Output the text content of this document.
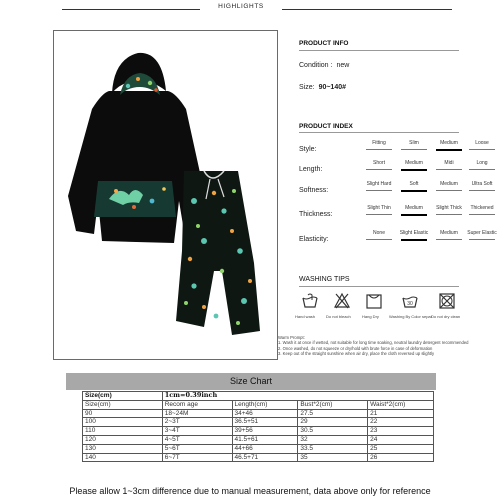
HIGHLIGHTS
PRODUCT INFO
Condition : new
Size: 90~140#
PRODUCT INDEX
Style:
Fitting	Slim	Medium	Loose
Length:
Short	Medium	Midi	Long
Softness:
Slight Hard	Soft	Medium	Ultra Soft
Thickness:
Slight Thin	Medium	Slight Thick	Thickened
Elasticity:
None	Slight Elastic	Medium	Super Elastic
WASHING TIPS
30
Hand wash	Do not bleach	Hang Dry	Washing By Color separ Do not dry clean
Warm Prompt:
1. Wash it at once if wetted, not suitable for long time soaking, neutral laundry detergent recommended
2. Once washed, do not squeeze or dry/hold with brute force in case of deformation
3. Keep out of the straight sunshine when air dry, place the cloth reversed up slightly
Size Chart
Size(cm)	1cm=0.39inch			
Size(cm)	Recom age	Length(cm)	Bust*2(cm)	Waist*2(cm)
90	18~24M	34+46	27.5	21
100	2~3T	36.5+51	29	22
110	3~4T	39+56	30.5	23
120	4~5T	41.5+61	32	24
130	5~6T	44+66	33.5	25
140	6~7T	46.5+71	35	26
Please allow 1~3cm difference due to manual measurement, data above only for reference
